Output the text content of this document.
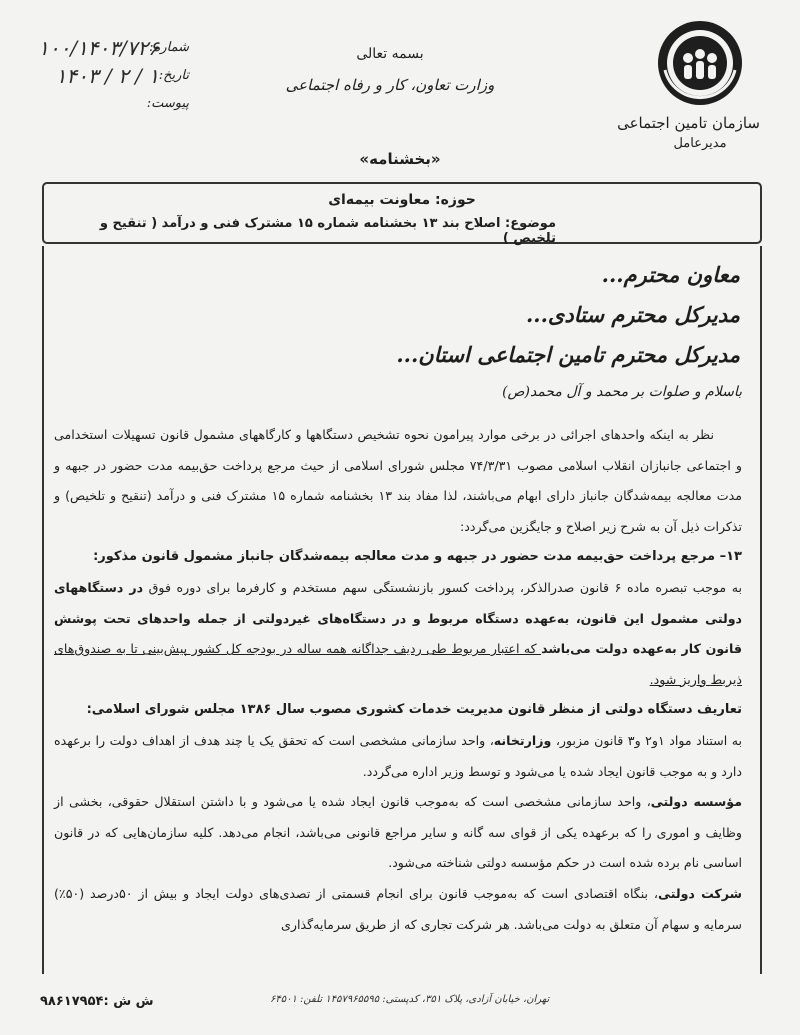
سازمان تامین اجتماعی
مدیرعامل
بسمه تعالی
وزارت تعاون، کار و رفاه اجتماعی
شماره:
۱۰۰/۱۴۰۳/۷۲۶
تاریخ:
۱۴۰۳ / ۲ / ۱
پیوست:
«بخشنامه»
حوزه: معاونت بیمه‌ای
موضوع: اصلاح بند ۱۳ بخشنامه شماره ۱۵ مشترک فنی و درآمد ( تنقیح و تلخیص )
معاون محترم...
مدیرکل محترم ستادی...
مدیرکل محترم تامین اجتماعی استان...
باسلام و صلوات بر محمد و آل محمد(ص)

نظر به اینکه واحدهای اجرائی در برخی موارد پیرامون نحوه تشخیص دستگاهها و کارگاههای مشمول قانون تسهیلات استخدامی و اجتماعی جانبازان انقلاب اسلامی مصوب ۷۴/۳/۳۱ مجلس شورای اسلامی از حیث مرجع پرداخت حق‌بیمه مدت حضور در جبهه و مدت معالجه بیمه‌شدگان جانباز دارای ابهام می‌باشند، لذا مفاد بند ۱۳ بخشنامه شماره ۱۵ مشترک فنی و درآمد (تنقیح و تلخیص) و تذکرات ذیل آن به شرح زیر اصلاح و جایگزین می‌گردد:

۱۳– مرجع پرداخت حق‌بیمه مدت حضور در جبهه و مدت معالجه بیمه‌شدگان جانباز مشمول قانون مذکور:

به موجب تبصره ماده ۶ قانون صدرالذکر، پرداخت کسور بازنشستگی سهم مستخدم و کارفرما برای دوره فوق در دستگاههای دولتی مشمول این قانون، به‌عهده دستگاه مربوط و در دستگاه‌های غیردولتی از جمله واحدهای تحت پوشش قانون کار به‌عهده دولت می‌باشد که اعتبار مربوط طی ردیف جداگانه همه ساله در بودجه کل کشور پیش‌بینی تا به صندوق‌های ذیربط واریز شود.

تعاریف دستگاه دولتی از منظر قانون مدیریت خدمات کشوری مصوب سال ۱۳۸۶ مجلس شورای اسلامی:

به استناد مواد ۱و۲ و۳ قانون مزبور، وزارتخانه، واحد سازمانی مشخصی است که تحقق یک یا چند هدف از اهداف دولت را برعهده دارد و به موجب قانون ایجاد شده یا می‌شود و توسط وزیر اداره می‌گردد.

مؤسسه دولتی، واحد سازمانی مشخصی است که به‌موجب قانون ایجاد شده یا می‌شود و با داشتن استقلال حقوقی، بخشی از وظایف و اموری را که برعهده یکی از قوای سه گانه و سایر مراجع قانونی می‌باشد، انجام می‌دهد. کلیه سازمان‌هایی که در قانون اساسی نام برده شده است در حکم مؤسسه دولتی شناخته می‌شود.

شرکت دولتی، بنگاه اقتصادی است که به‌موجب قانون برای انجام قسمتی از تصدی‌های دولت ایجاد و بیش از ۵۰درصد (۵۰٪) سرمایه و سهام آن متعلق به دولت می‌باشد. هر شرکت تجاری که از طریق سرمایه‌گذاری

تهران، خیابان آزادی، پلاک ۳۵۱، کدپستی: ۱۴۵۷۹۶۵۵۹۵ تلفن: ۶۴۵۰۱
ش ش :۹۸۶۱۷۹۵۴
